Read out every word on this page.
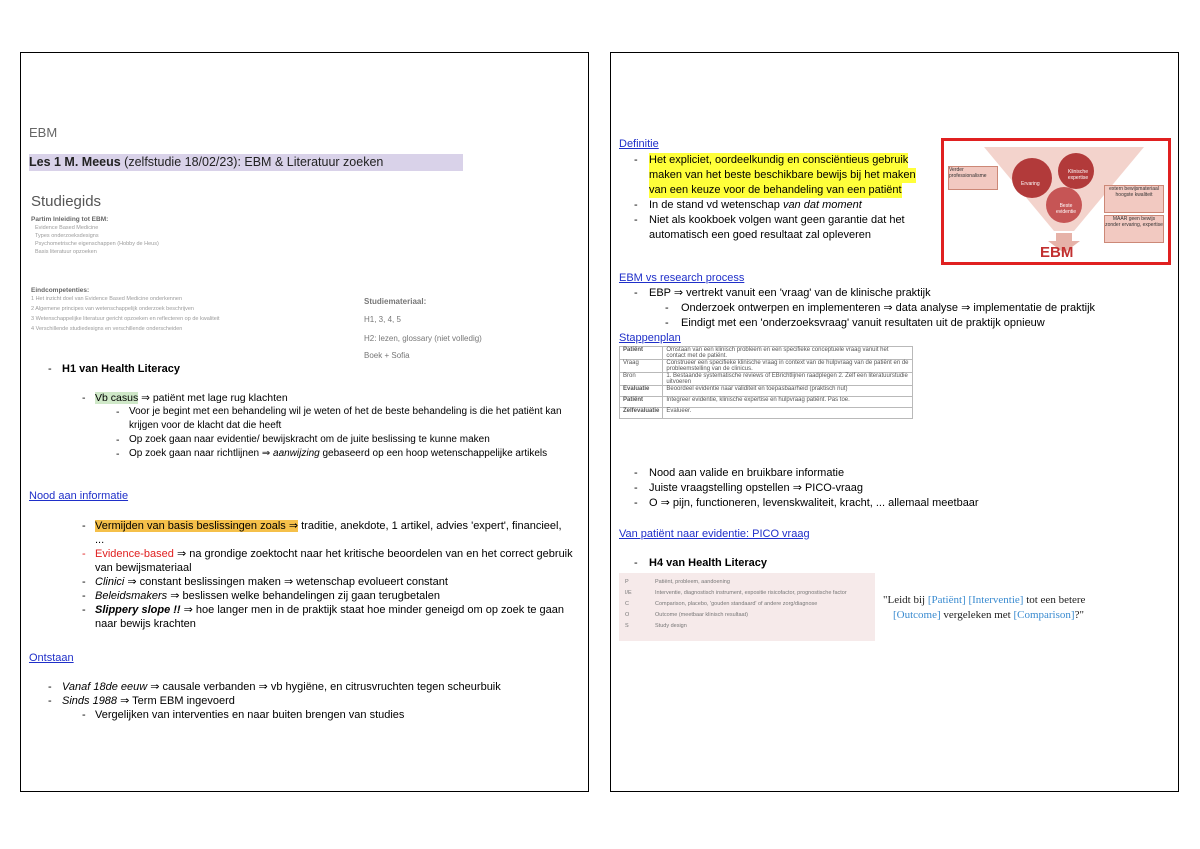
EBM
Les 1 M. Meeus (zelfstudie 18/02/23): EBM & Literatuur zoeken
Studiegids
Partim Inleiding tot EBM:
Evidence Based Medicine
Types onderzoeksdesigns
Psychometrische eigenschappen (Hobby de Heus)
Basis literatuur opzoeken
Eindcompetenties:
1 Het inzicht doel van Evidence Based Medicine onderkennen
2 Algemene principes van wetenschappelijk onderzoek beschrijven
3 Wetenschappelijke literatuur gericht opzoeken en reflecteren op de kwaliteit
4 Verschillende studiedesigns en verschillende onderscheiden
Studiemateriaal:
H1, 3, 4, 5
H2: lezen, glossary (niet volledig)
Boek + Sofia
- H1 van Health Literacy
- Vb casus ⇒ patiënt met lage rug klachten
- Voor je begint met een behandeling wil je weten of het de beste behandeling is die het patiënt kan
krijgen voor de klacht dat die heeft
- Op zoek gaan naar evidentie/ bewijskracht om de juite beslissing te kunne maken
- Op zoek gaan naar richtlijnen ⇒ aanwijzing gebaseerd op een hoop wetenschappelijke artikels
Nood aan informatie
- Vermijden van basis beslissingen zoals ⇒ traditie, anekdote, 1 artikel, advies 'expert', financieel,
...
- Evidence-based ⇒ na grondige zoektocht naar het kritische beoordelen van en het correct gebruik
van bewijsmateriaal
- Clinici ⇒ constant beslissingen maken ⇒ wetenschap evolueert constant
- Beleidsmakers ⇒ beslissen welke behandelingen zij gaan terugbetalen
- Slippery slope !! ⇒ hoe langer men in de praktijk staat hoe minder geneigd om op zoek te gaan
naar bewijs krachten
Ontstaan
- Vanaf 18de eeuw ⇒ causale verbanden ⇒ vb hygiëne, en citrusvruchten tegen scheurbuik
- Sinds 1988 ⇒ Term EBM ingevoerd
- Vergelijken van interventies en naar buiten brengen van studies
Definitie
- Het expliciet, oordeelkundig en consciëntieus gebruik
maken van het beste beschikbare bewijs bij het maken
van een keuze voor de behandeling van een patiënt
- In de stand vd wetenschap van dat moment
- Niet als kookboek volgen want geen garantie dat het
automatisch een goed resultaat zal opleveren
Verder professionalisme
Ervaring
Klinische expertise
Beste evidentie
extern bewijsmateriaal hoogste kwaliteit
MAAR geen bewijs zonder ervaring, expertise
EBM
EBM vs research process
- EBP ⇒ vertrekt vanuit een 'vraag' van de klinische praktijk
- Onderzoek ontwerpen en implementeren ⇒ data analyse ⇒ implementatie de praktijk
- Eindigt met een 'onderzoeksvraag' vanuit resultaten uit de praktijk opnieuw
Stappenplan
Patiënt	Omstaan van een klinisch probleem en een specifieke conceptuele vraag vanuit het contact met de patiënt.
Vraag	Construeer een specifieke klinische vraag in context van de hulpvraag van de patiënt en de probleemstelling van de clinicus.
Bron	1. Bestaande systematische reviews of EBrichtlijnen raadplegen 2. Zelf een literatuurstudie uitvoeren
Evaluatie	Beoordeel evidentie naar validiteit en toepasbaarheid (praktisch nut)
Patiënt	Integreer evidentie, klinische expertise en hulpvraag patiënt. Pas toe.
Zelfevaluatie	Evalueer.
- Nood aan valide en bruikbare informatie
- Juiste vraagstelling opstellen ⇒ PICO-vraag
- O ⇒ pijn, functioneren, levenskwaliteit, kracht, ... allemaal meetbaar
Van patiënt naar evidentie: PICO vraag
- H4 van Health Literacy
P	Patiënt, probleem, aandoening
I/E	Interventie, diagnostisch instrument, expositie risicofactor, prognostische factor
C	Comparison, placebo, 'gouden standaard' of andere zorg/diagnose
O	Outcome (meetbaar klinisch resultaat)
S	Study design
"Leidt bij [Patiënt] [Interventie] tot een betere
[Outcome] vergeleken met [Comparison]?"
